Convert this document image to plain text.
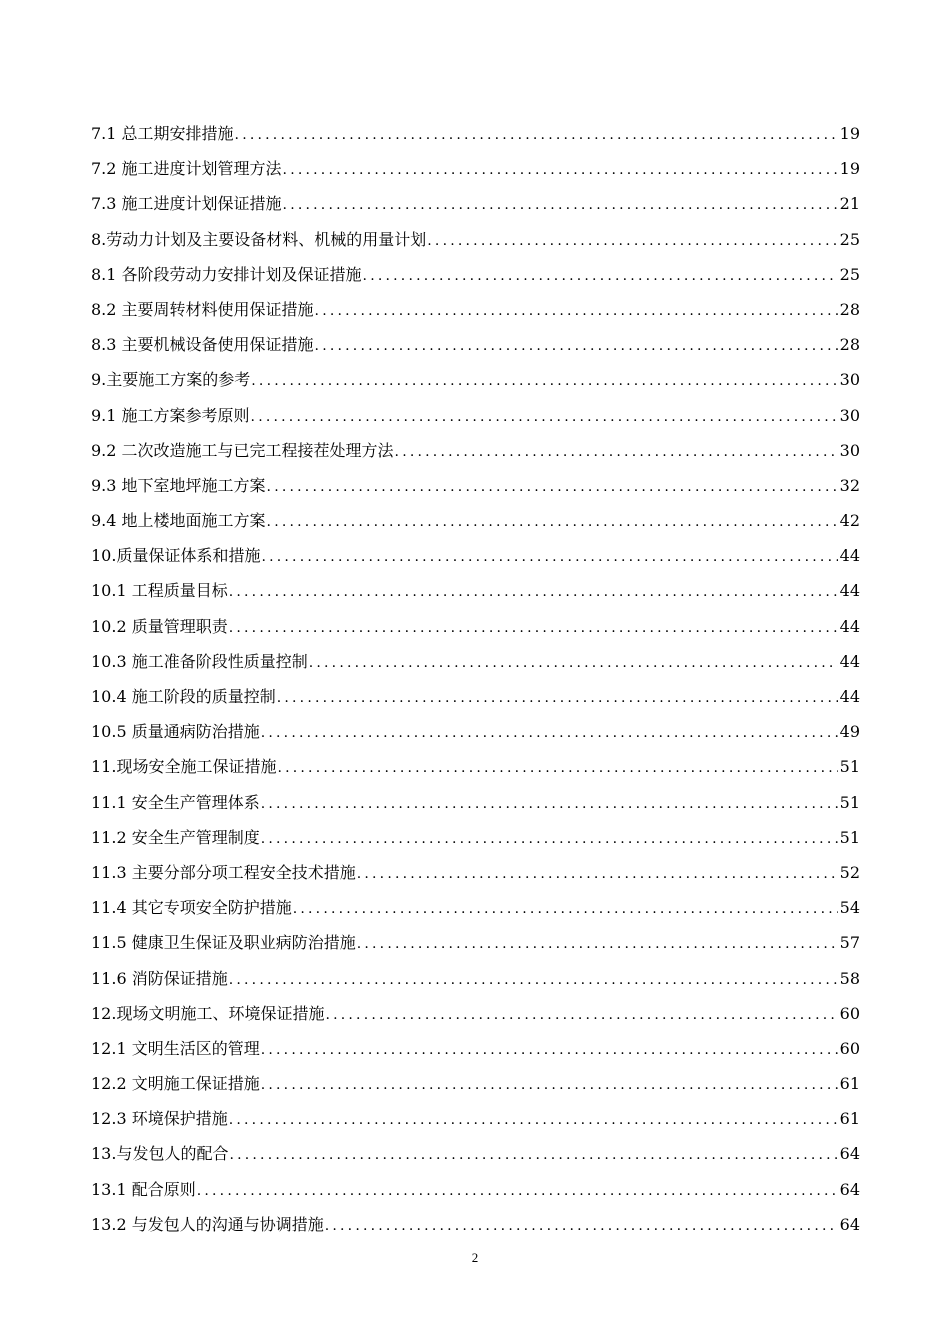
7.1 总工期安排措施 .....	19
7.2 施工进度计划管理方法 .....	19
7.3 施工进度计划保证措施 .....	21
8.劳动力计划及主要设备材料、机械的用量计划 .....	25
8.1 各阶段劳动力安排计划及保证措施 .....	25
8.2 主要周转材料使用保证措施 .....	28
8.3 主要机械设备使用保证措施 .....	28
9.主要施工方案的参考 .....	30
9.1 施工方案参考原则 .....	30
9.2 二次改造施工与已完工程接茬处理方法 .....	30
9.3 地下室地坪施工方案 .....	32
9.4 地上楼地面施工方案 .....	42
10.质量保证体系和措施 .....	44
10.1 工程质量目标 .....	44
10.2 质量管理职责 .....	44
10.3 施工准备阶段性质量控制 .....	44
10.4 施工阶段的质量控制 .....	44
10.5 质量通病防治措施 .....	49
11.现场安全施工保证措施 .....	51
11.1 安全生产管理体系 .....	51
11.2 安全生产管理制度 .....	51
11.3 主要分部分项工程安全技术措施 .....	52
11.4 其它专项安全防护措施 .....	54
11.5 健康卫生保证及职业病防治措施 .....	57
11.6 消防保证措施 .....	58
12.现场文明施工、环境保证措施 .....	60
12.1 文明生活区的管理 .....	60
12.2 文明施工保证措施 .....	61
12.3 环境保护措施 .....	61
13.与发包人的配合 .....	64
13.1 配合原则 .....	64
13.2 与发包人的沟通与协调措施 .....	64
2
